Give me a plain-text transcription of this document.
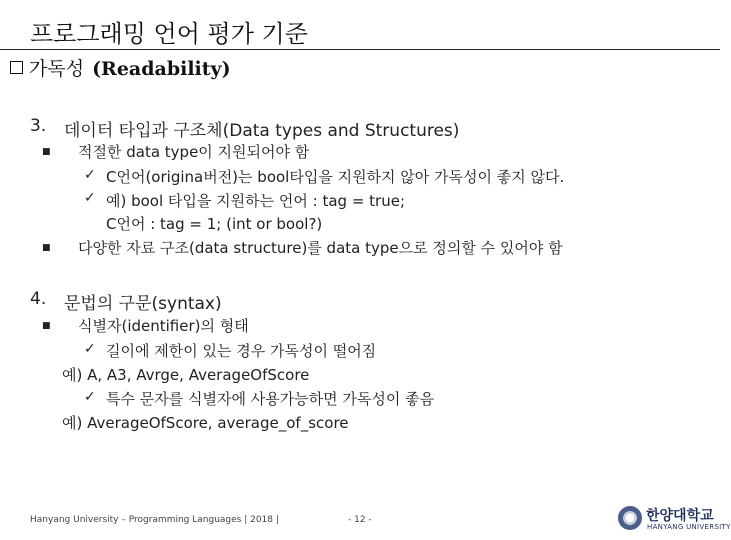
프로그래밍 언어 평가 기준
가독성 (Readability)
3. 데이터 타입과 구조체(Data types and Structures)
■ 적절한 data type이 지원되어야 함
✓ C언어(origina버전)는 bool타입을 지원하지 않아 가독성이 좋지 않다.
✓ 예) bool 타입을 지원하는 언어 : tag = true;
C언어 : tag = 1; (int or bool?)
■ 다양한 자료 구조(data structure)를 data type으로 정의할 수 있어야 함
4. 문법의 구문(syntax)
■ 식별자(identifier)의 형태
✓ 길이에 제한이 있는 경우 가독성이 떨어짐
예) A, A3, Avrge, AverageOfScore
✓ 특수 문자를 식별자에 사용가능하면 가독성이 좋음
예) AverageOfScore, average_of_score
Hanyang University – Programming Languages | 2018 |	- 12 -	한양대학교
HANYANG UNIVERSITY
